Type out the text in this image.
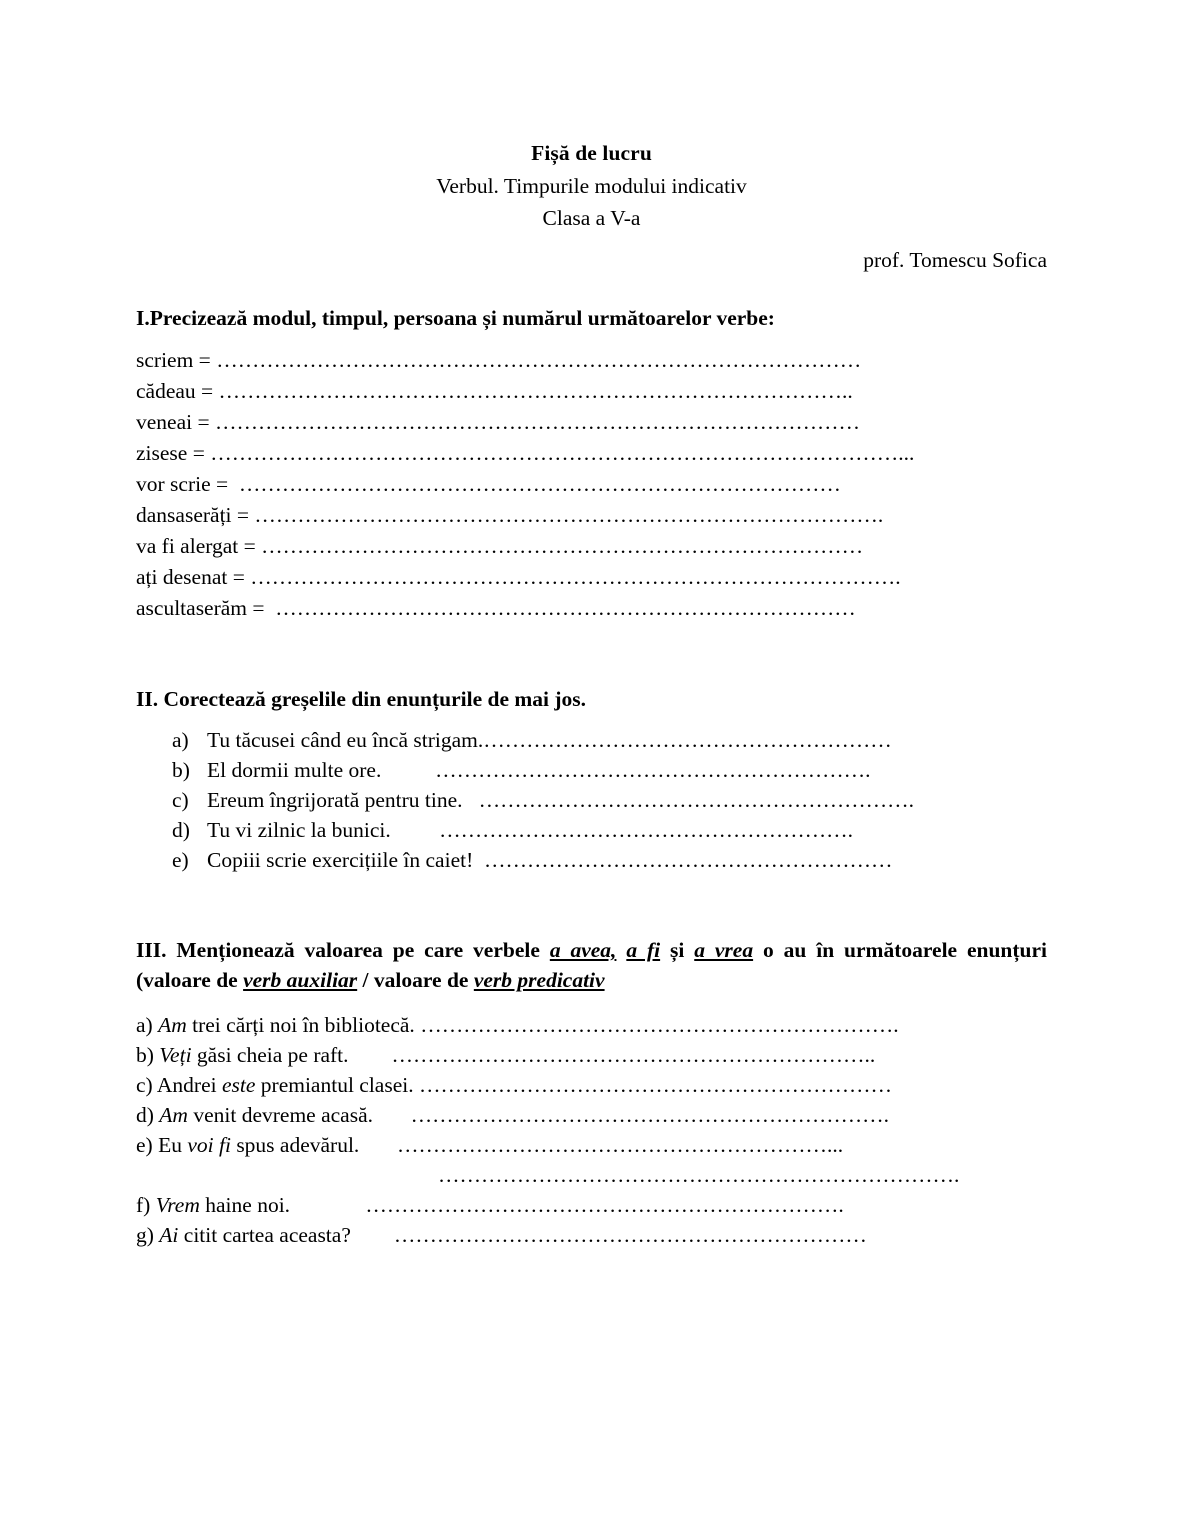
Fișă de lucru
Verbul. Timpurile modului indicativ
Clasa a V-a
prof. Tomescu Sofica
I.Precizează modul, timpul, persoana și numărul următoarelor verbe:
scriem = ………………………………………………………………………………
cădeau = ……………………………………………………………………………..
veneai = ………………………………………………………………………………
zisese = ……………………………………………………………………………………...
vor scrie = …………………………………………………………………………
dansaserăți = …………………………………………………………………………….
va fi alergat = …………………………………………………………………………
ați desenat = ……………………………………………………………………………….
ascultaserăm = ………………………………………………………………………
II. Corectează greșelile din enunțurile de mai jos.
a) Tu tăcusei când eu încă strigam. …………………………………………………
b) El dormii multe ore.
	…………………………………………………….
c) Ereum îngrijorată pentru tine.
…………………………………………………….
d) Tu vi zilnic la bunici.
………………………………………………….
e) Copiii scrie exercițiile în caiet!
…………………………………………………
III. Menționează valoarea pe care verbele a avea, a fi și a vrea o au în următoarele enunțuri (valoare de verb auxiliar / valoare de verb predicativ
a) Am trei cărți noi în bibliotecă.
………………………………………………………….
b) Veți găsi cheia pe raft.
…………………………………………………………..
c) Andrei este premiantul clasei.
…………………………………………………………
d) Am venit devreme acasă.
………………………………………………………….
e) Eu voi fi spus adevărul.
……………………………………………………...
……………………………………………………………….
f) Vrem haine noi.
	………………………………………………………….
g) Ai citit cartea aceasta?
…………………………………………………………
